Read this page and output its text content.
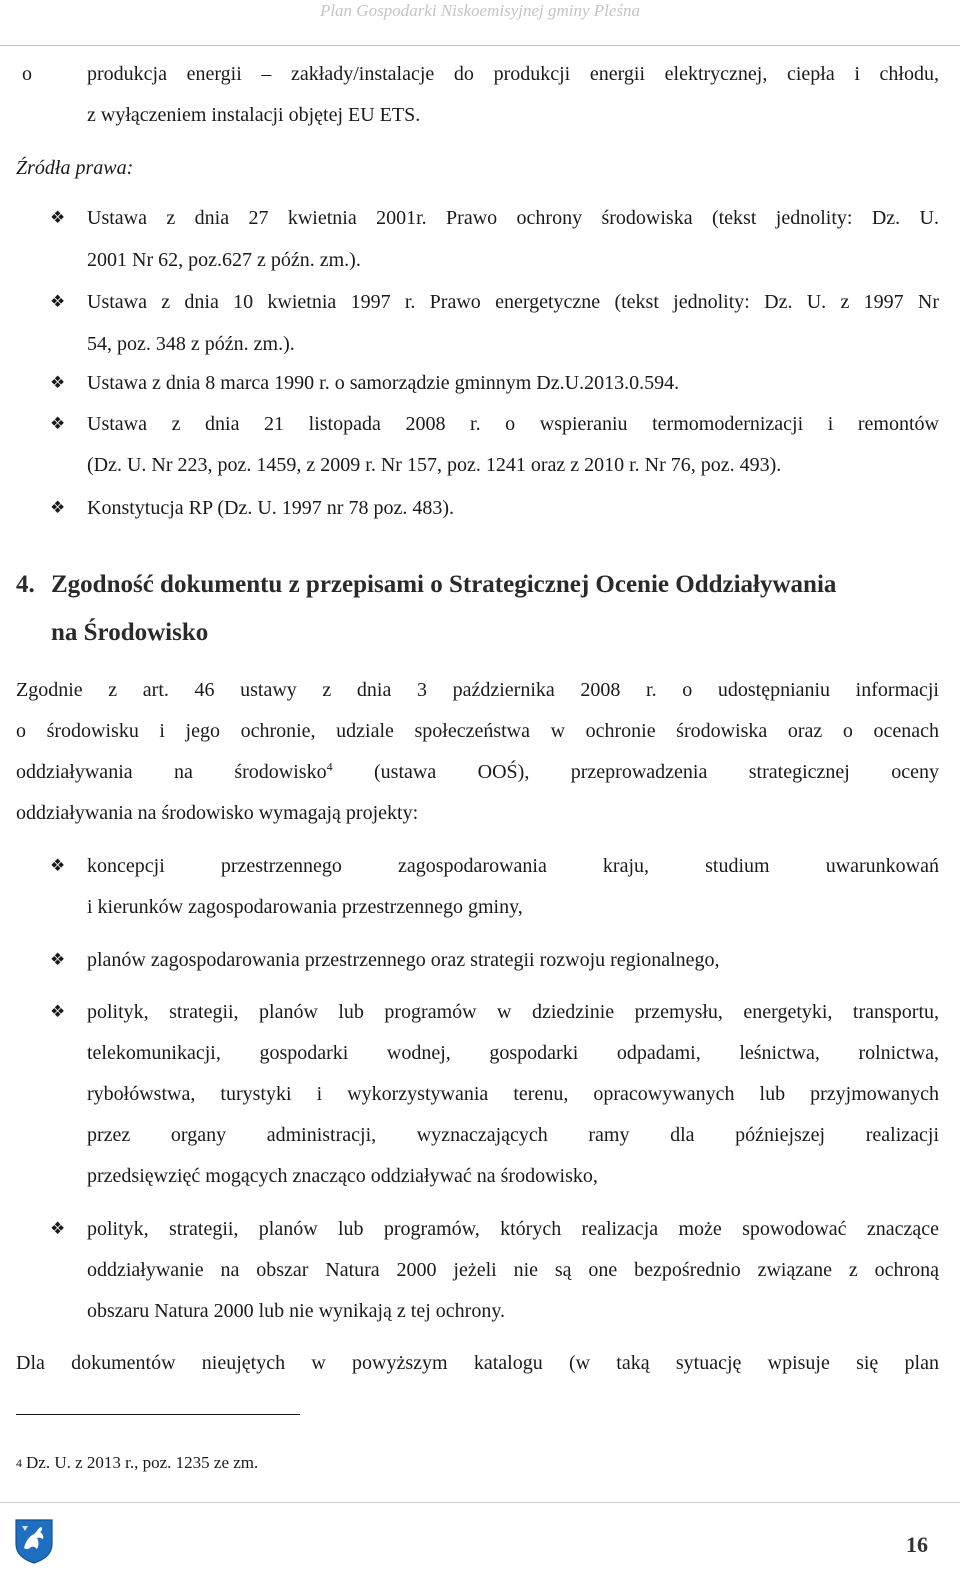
Plan Gospodarki Niskoemisyjnej gminy Pleśna
o	produkcja energii – zakłady/instalacje do produkcji energii elektrycznej, ciepła i chłodu,
z wyłączeniem instalacji objętej EU ETS.
Źródła prawa:
❖ Ustawa z dnia 27 kwietnia 2001r. Prawo ochrony środowiska (tekst jednolity: Dz. U.
2001 Nr 62, poz.627 z późn. zm.).
❖ Ustawa z dnia 10 kwietnia 1997 r. Prawo energetyczne (tekst jednolity: Dz. U. z 1997 Nr
54, poz. 348 z późn. zm.).
❖ Ustawa z dnia 8 marca 1990 r. o samorządzie gminnym Dz.U.2013.0.594.
❖ Ustawa z dnia 21 listopada 2008 r. o wspieraniu termomodernizacji i remontów
(Dz. U. Nr 223, poz. 1459, z 2009 r. Nr 157, poz. 1241 oraz z 2010 r. Nr 76, poz. 493).
❖ Konstytucja RP (Dz. U. 1997 nr 78 poz. 483).
4. Zgodność dokumentu z przepisami o Strategicznej Ocenie Oddziaływania
na Środowisko
Zgodnie z art. 46 ustawy z dnia 3 października 2008 r. o udostępnianiu informacji
o środowisku i jego ochronie, udziale społeczeństwa w ochronie środowiska oraz o ocenach
oddziaływania na środowisko$^4$ (ustawa OOŚ), przeprowadzenia strategicznej oceny
oddziaływania na środowisko wymagają projekty:
❖ koncepcji przestrzennego zagospodarowania kraju, studium uwarunkowań
i kierunków zagospodarowania przestrzennego gminy,
❖ planów zagospodarowania przestrzennego oraz strategii rozwoju regionalnego,
❖ polityk, strategii, planów lub programów w dziedzinie przemysłu, energetyki, transportu,
telekomunikacji, gospodarki wodnej, gospodarki odpadami, leśnictwa, rolnictwa,
rybołówstwa, turystyki i wykorzystywania terenu, opracowywanych lub przyjmowanych
przez organy administracji, wyznaczających ramy dla późniejszej realizacji
przedsięwzięć mogących znacząco oddziaływać na środowisko,
❖ polityk, strategii, planów lub programów, których realizacja może spowodować znaczące
oddziaływanie na obszar Natura 2000 jeżeli nie są one bezpośrednio związane z ochroną
obszaru Natura 2000 lub nie wynikają z tej ochrony.
Dla dokumentów nieujętych w powyższym katalogu (w taką sytuację wpisuje się plan
$^4$ Dz. U. z 2013 r., poz. 1235 ze zm.
16
